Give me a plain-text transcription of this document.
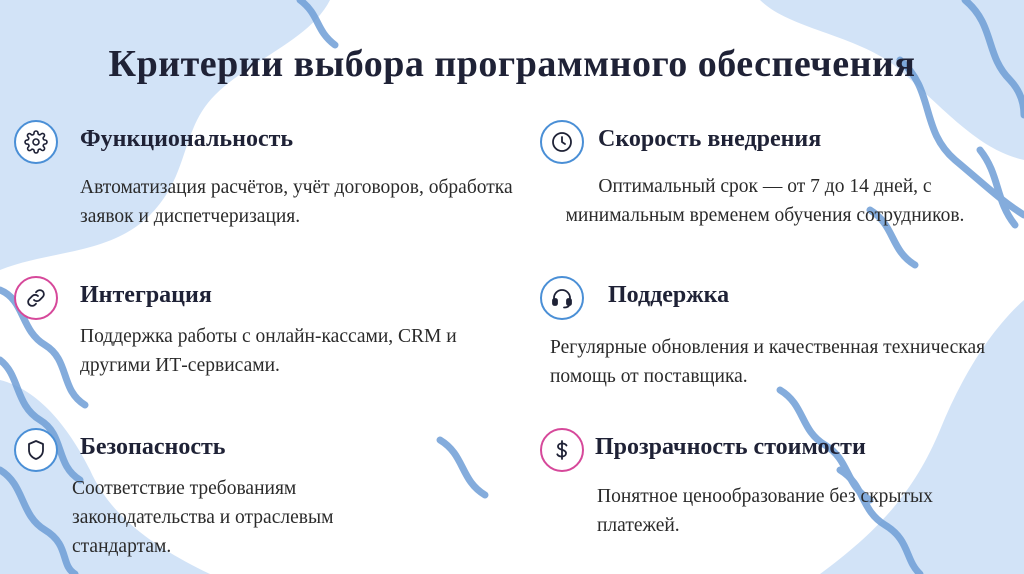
Критерии выбора программного обеспечения
Функциональность

Автоматизация расчётов, учёт договоров, обработка заявок и диспетчеризация.

Скорость внедрения

Оптимальный срок — от 7 до 14 дней, с минимальным временем обучения сотрудников.

Интеграция

Поддержка работы с онлайн-кассами, CRM и другими ИТ-сервисами.

Поддержка

Регулярные обновления и качественная техническая помощь от поставщика.

Безопасность

Соответствие требованиям законодательства и отраслевым стандартам.

Прозрачность стоимости

Понятное ценообразование без скрытых платежей.
